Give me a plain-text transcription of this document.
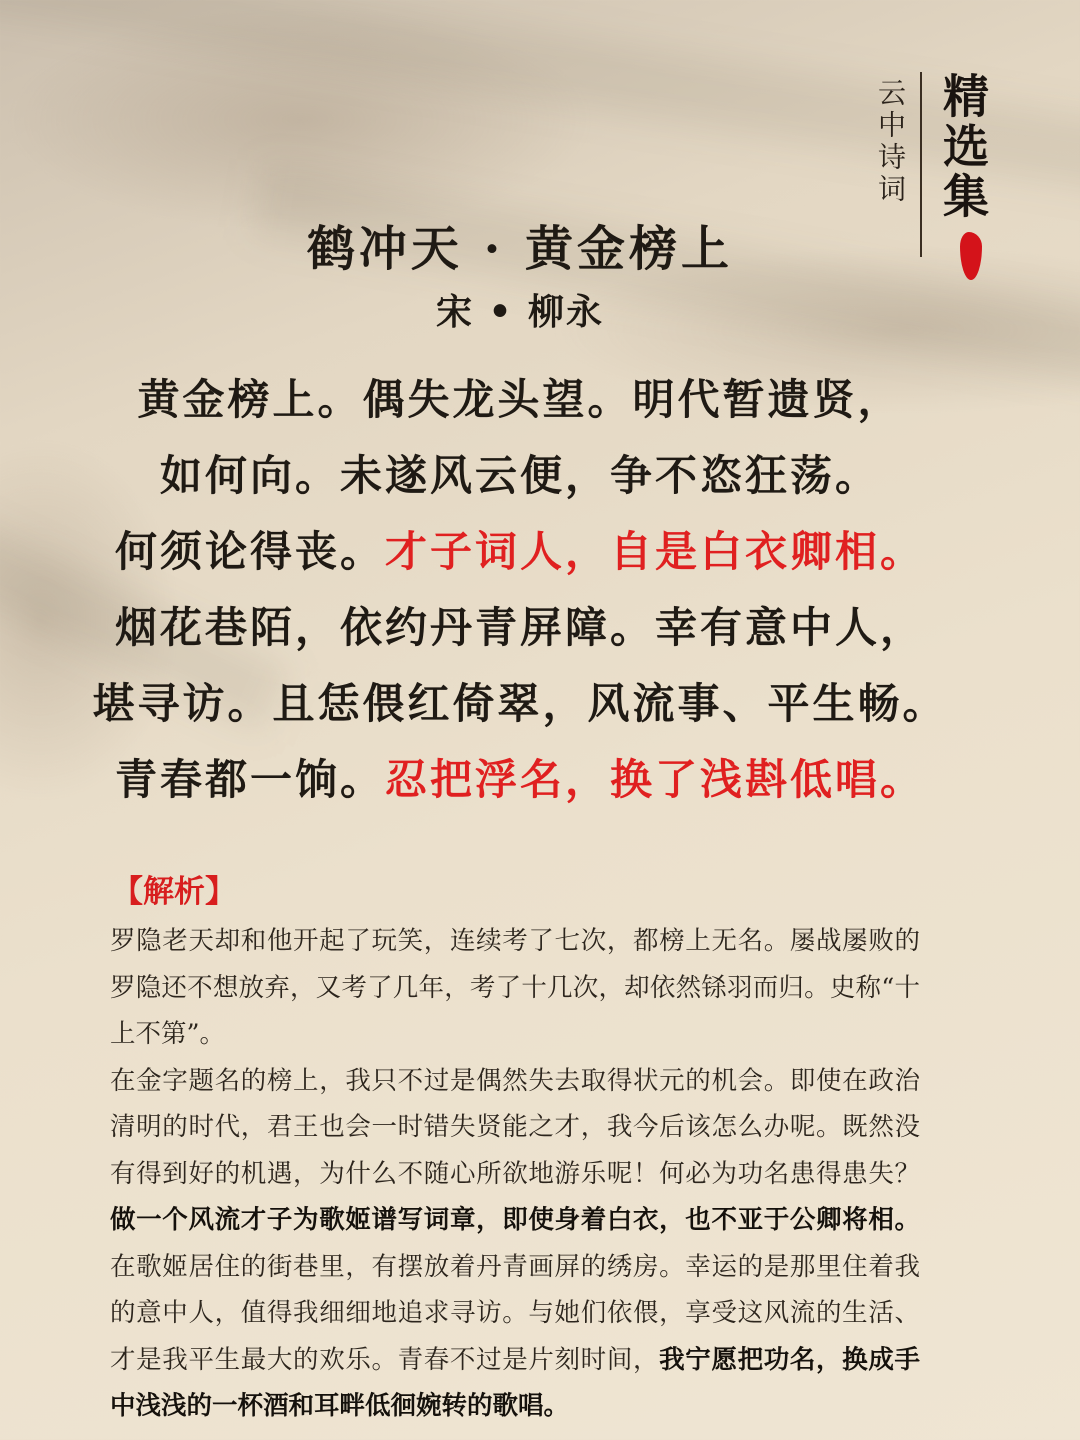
精选集
云中诗词
鹤冲天 · 黄金榜上
宋 • 柳永
黄金榜上。偶失龙头望。明代暂遗贤，
如何向。未遂风云便，争不恣狂荡。
何须论得丧。才子词人，自是白衣卿相。
烟花巷陌，依约丹青屏障。幸有意中人，
堪寻访。且恁偎红倚翠，风流事、平生畅。
青春都一饷。忍把浮名，换了浅斟低唱。
【解析】

罗隐老天却和他开起了玩笑，连续考了七次，都榜上无名。屡战屡败的罗隐还不想放弃，又考了几年，考了十几次，却依然铩羽而归。史称“十上不第”。

在金字题名的榜上，我只不过是偶然失去取得状元的机会。即使在政治清明的时代，君王也会一时错失贤能之才，我今后该怎么办呢。既然没有得到好的机遇，为什么不随心所欲地游乐呢！何必为功名患得患失？做一个风流才子为歌姬谱写词章，即使身着白衣，也不亚于公卿将相。在歌姬居住的街巷里，有摆放着丹青画屏的绣房。幸运的是那里住着我的意中人，值得我细细地追求寻访。与她们依偎，享受这风流的生活、才是我平生最大的欢乐。青春不过是片刻时间，我宁愿把功名，换成手中浅浅的一杯酒和耳畔低徊婉转的歌唱。
